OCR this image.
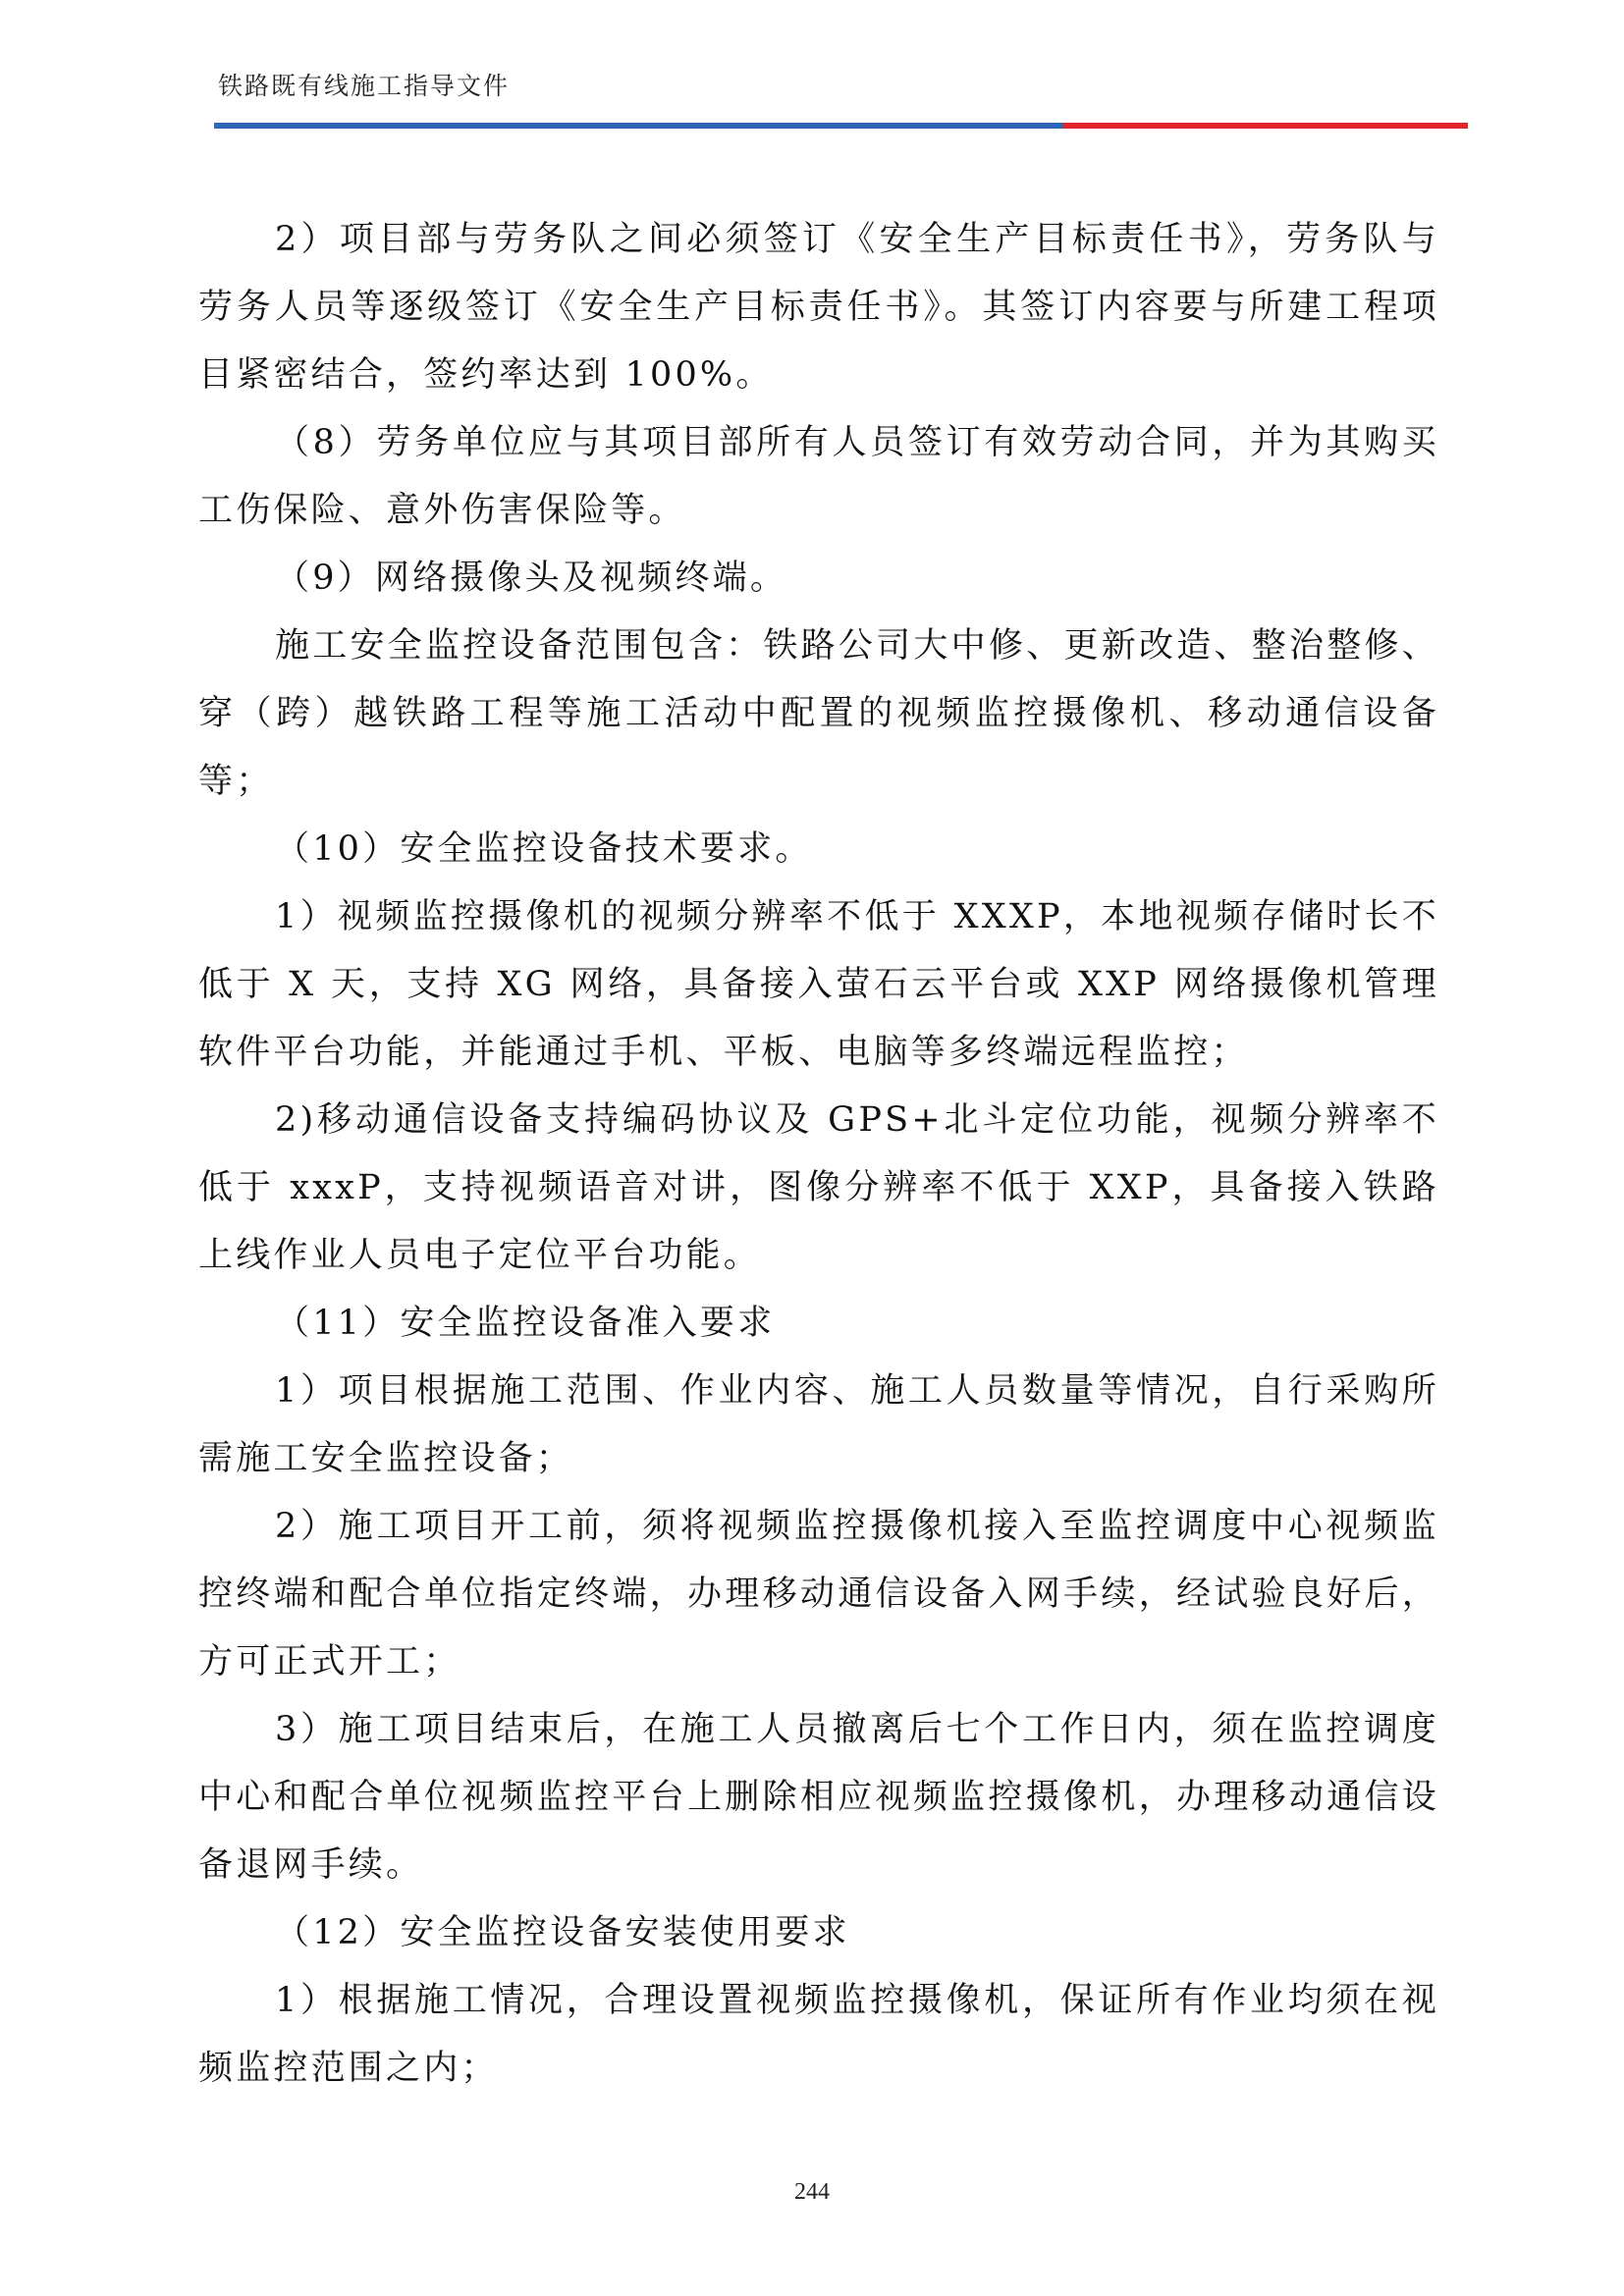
铁路既有线施工指导文件

2）项目部与劳务队之间必须签订《安全生产目标责任书》，劳务队与劳务人员等逐级签订《安全生产目标责任书》。其签订内容要与所建工程项目紧密结合，签约率达到 100%。

（8）劳务单位应与其项目部所有人员签订有效劳动合同，并为其购买工伤保险、意外伤害保险等。

（9）网络摄像头及视频终端。

施工安全监控设备范围包含：铁路公司大中修、更新改造、整治整修、穿（跨）越铁路工程等施工活动中配置的视频监控摄像机、移动通信设备等；

（10）安全监控设备技术要求。

1）视频监控摄像机的视频分辨率不低于 XXXP，本地视频存储时长不低于 X 天，支持 XG 网络，具备接入萤石云平台或 XXP 网络摄像机管理软件平台功能，并能通过手机、平板、电脑等多终端远程监控；

2)移动通信设备支持编码协议及 GPS+北斗定位功能，视频分辨率不低于 xxxP，支持视频语音对讲，图像分辨率不低于 XXP，具备接入铁路上线作业人员电子定位平台功能。

（11）安全监控设备准入要求

1）项目根据施工范围、作业内容、施工人员数量等情况，自行采购所需施工安全监控设备；

2）施工项目开工前，须将视频监控摄像机接入至监控调度中心视频监控终端和配合单位指定终端，办理移动通信设备入网手续，经试验良好后，方可正式开工；

3）施工项目结束后，在施工人员撤离后七个工作日内，须在监控调度中心和配合单位视频监控平台上删除相应视频监控摄像机，办理移动通信设备退网手续。

（12）安全监控设备安装使用要求

1）根据施工情况，合理设置视频监控摄像机，保证所有作业均须在视频监控范围之内；

244
